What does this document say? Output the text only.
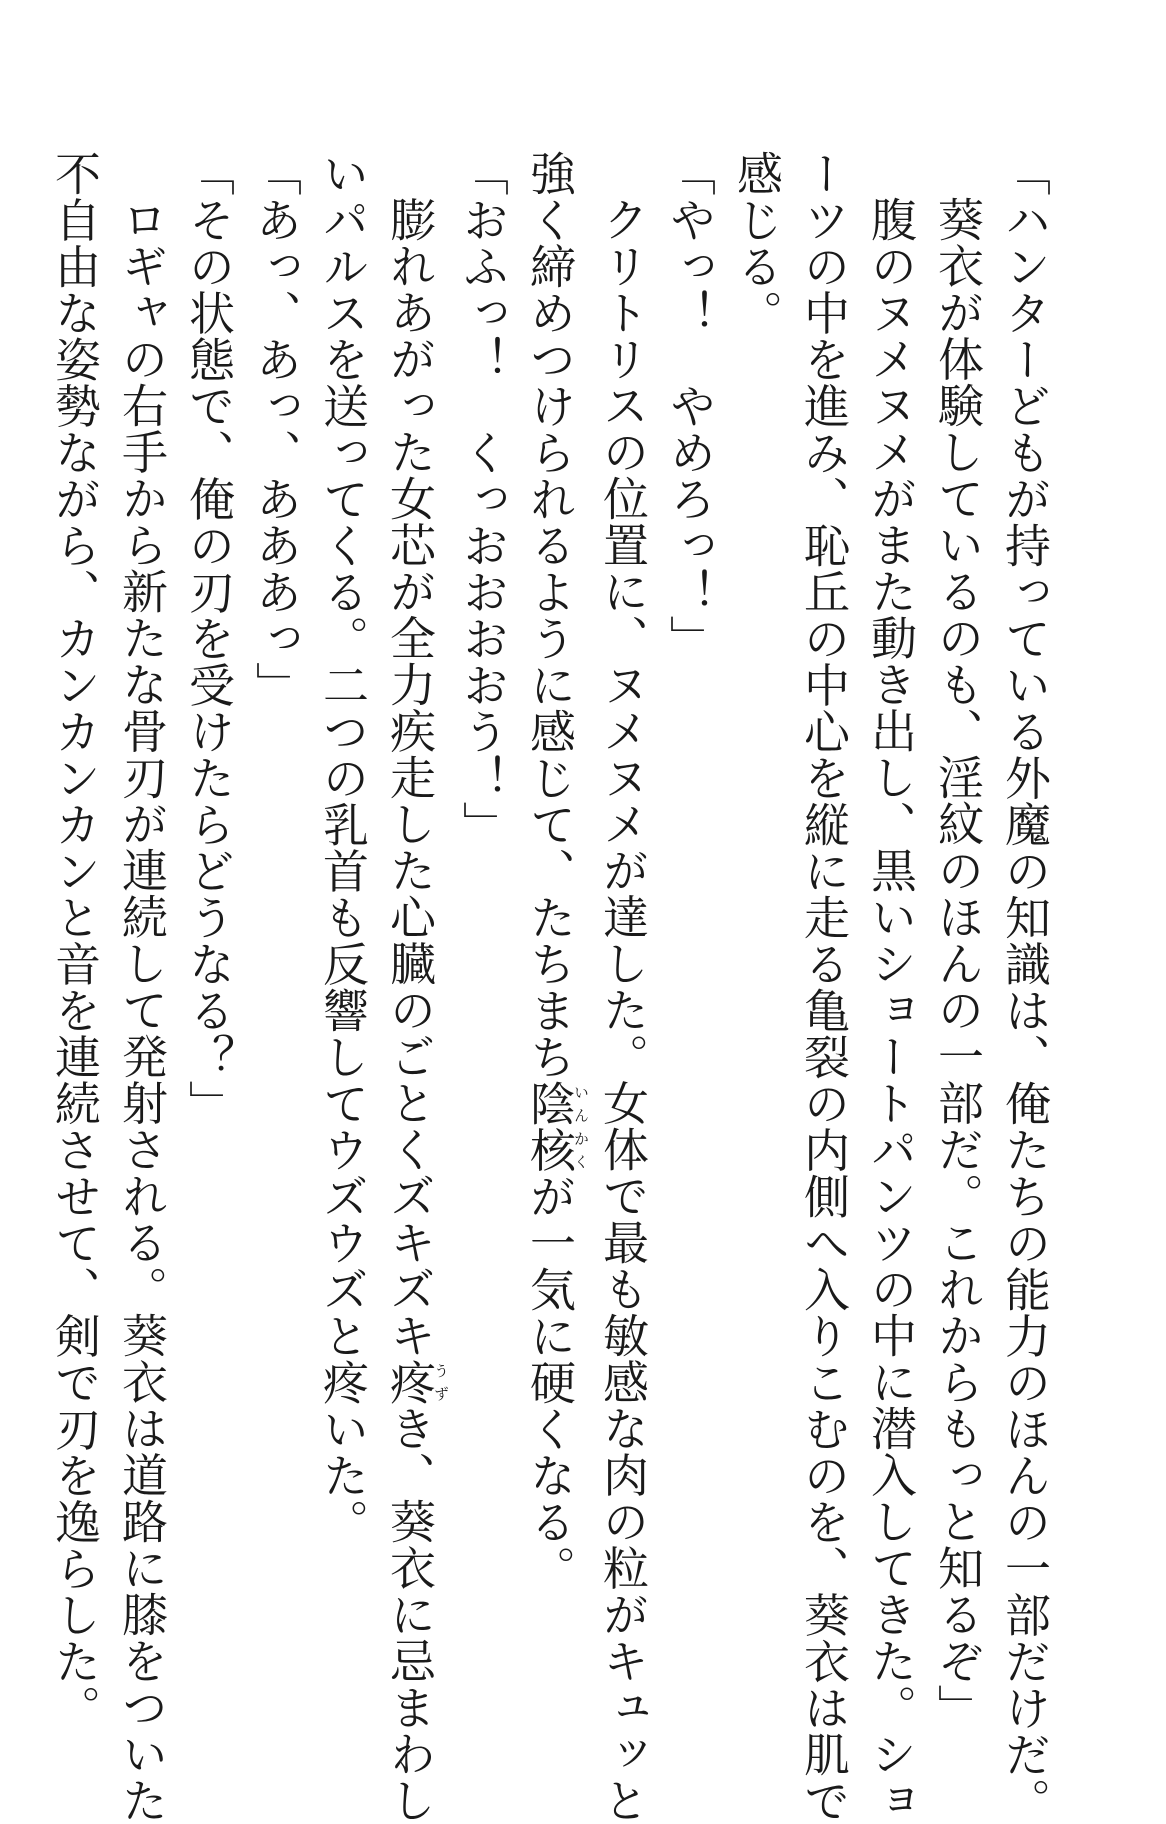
「ハンターどもが持っている外魔の知識は、俺たちの能力のほんの一部だけだ。
葵衣が体験しているのも、淫紋のほんの一部だ。これからもっと知るぞ」
腹のヌメヌメがまた動き出し、黒いショートパンツの中に潜入してきた。ショ
ーツの中を進み、恥丘の中心を縦に走る亀裂の内側へ入りこむのを、葵衣は肌で
感じる。
「やっ！　やめろっ！」
クリトリスの位置に、ヌメヌメが達した。女体で最も敏感な肉の粒がキュッと
強く締めつけられるように感じて、たちまち陰核いんかくが一気に硬くなる。
「おふっ！　くっおおおおう！」
膨れあがった女芯が全力疾走した心臓のごとくズキズキ疼うずき、葵衣に忌まわし
いパルスを送ってくる。二つの乳首も反響してウズウズと疼いた。
「あっ、あっ、あああっ」
「その状態で、俺の刃を受けたらどうなる？」
ロギャの右手から新たな骨刃が連続して発射される。葵衣は道路に膝をついた
不自由な姿勢ながら、カンカンカンと音を連続させて、剣で刃を逸らした。
